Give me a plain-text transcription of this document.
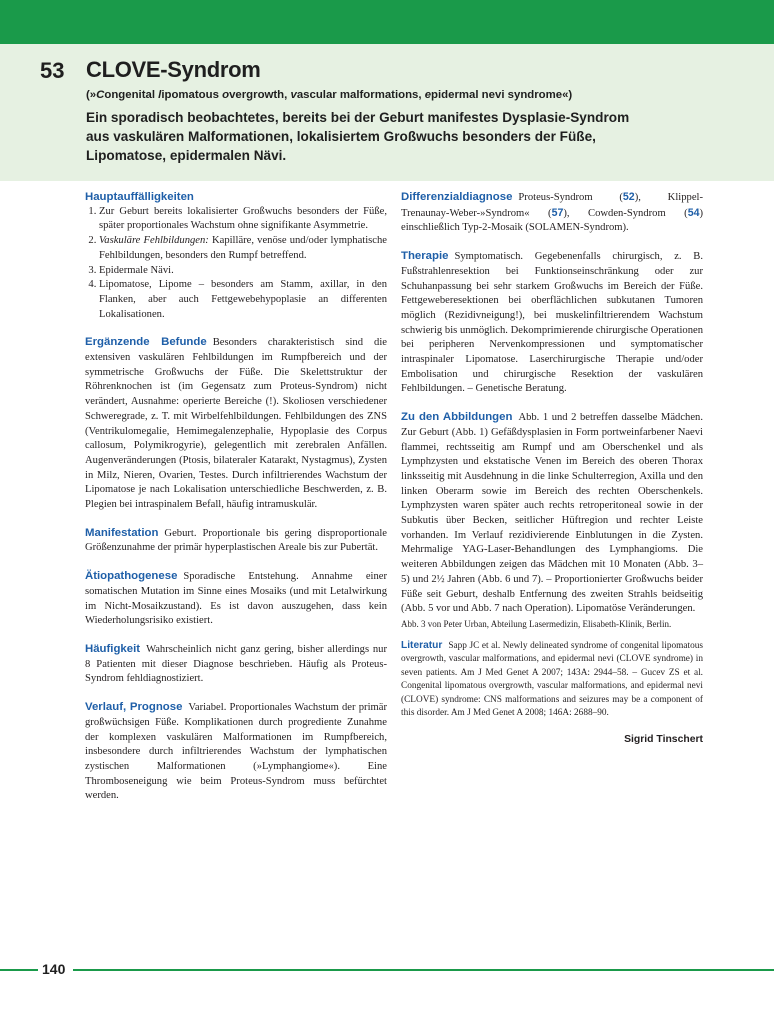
53 CLOVE-Syndrom
(»Congenital lipomatous overgrowth, vascular malformations, epidermal nevi syndrome«)
Ein sporadisch beobachtetes, bereits bei der Geburt manifestes Dysplasie-Syndrom aus vaskulären Malformationen, lokalisiertem Großwuchs besonders der Füße, Lipomatose, epidermalen Nävi.
Hauptauffälligkeiten
1. Zur Geburt bereits lokalisierter Großwuchs besonders der Füße, später proportionales Wachstum ohne signifikante Asymmetrie.
2. Vaskuläre Fehlbildungen: Kapilläre, venöse und/oder lymphatische Fehlbildungen, besonders den Rumpf betreffend.
3. Epidermale Nävi.
4. Lipomatose, Lipome – besonders am Stamm, axillar, in den Flanken, aber auch Fettgewebehypoplasie an differenten Lokalisationen.
Ergänzende Befunde Besonders charakteristisch sind die extensiven vaskulären Fehlbildungen im Rumpfbereich und der symmetrische Großwuchs der Füße. Die Skelettstruktur der Röhrenknochen ist (im Gegensatz zum Proteus-Syndrom) nicht verändert, Ausnahme: operierte Bereiche (!). Skoliosen verschiedener Schweregrade, z. T. mit Wirbelfehlbildungen. Fehlbildungen des ZNS (Ventrikulomegalie, Hemimegalenzephalie, Hypoplasie des Corpus callosum, Polymikrogyrie), gelegentlich mit zerebralen Anfällen. Augenveränderungen (Ptosis, bilateraler Katarakt, Nystagmus), Zysten in Milz, Nieren, Ovarien, Testes. Durch infiltrierendes Wachstum der Lipomatose je nach Lokalisation unterschiedliche Beschwerden, z. B. Plegien bei intraspinalem Befall, häufig intramuskulär.
Manifestation Geburt. Proportionale bis gering disproportionale Größenzunahme der primär hyperplastischen Areale bis zur Pubertät.
Ätiopathogenese Sporadische Entstehung. Annahme einer somatischen Mutation im Sinne eines Mosaiks (und mit Letalwirkung im Nicht-Mosaikzustand). Es ist davon auszugehen, dass kein Wiederholungsrisiko existiert.
Häufigkeit Wahrscheinlich nicht ganz gering, bisher allerdings nur 8 Patienten mit dieser Diagnose beschrieben. Häufig als Proteus-Syndrom fehldiagnostiziert.
Verlauf, Prognose Variabel. Proportionales Wachstum der primär großwüchsigen Füße. Komplikationen durch progrediente Zunahme der komplexen vaskulären Malformationen im Rumpfbereich, insbesondere durch infiltrierendes Wachstum der lymphatischen zystischen Malformationen (»Lymphangiome«). Eine Thromboseneigung wie beim Proteus-Syndrom muss befürchtet werden.
Differenzialdiagnose Proteus-Syndrom (52), Klippel-Trenaunay-Weber-»Syndrom« (57), Cowden-Syndrom (54) einschließlich Typ-2-Mosaik (SOLAMEN-Syndrom).
Therapie Symptomatisch. Gegebenenfalls chirurgisch, z. B. Fußstrahlenresektion bei Funktionseinschränkung oder zur Schuhanpassung bei sehr starkem Großwuchs im Bereich der Füße. Fettgeweberesektionen bei oberflächlichen subkutanen Tumoren möglich (Rezidivneigung!), bei muskelinfiltrierendem Wachstum schwierig bis unmöglich. Dekomprimierende chirurgische Operationen bei peripheren Nervenkompressionen und symptomatischer intraspinaler Lipomatose. Laserchirurgische Therapie und/oder Embolisation und chirurgische Resektion der vaskulären Fehlbildungen. – Genetische Beratung.
Zu den Abbildungen Abb. 1 und 2 betreffen dasselbe Mädchen. Zur Geburt (Abb. 1) Gefäßdysplasien in Form portweinfarbener Naevi flammei, rechtsseitig am Rumpf und am Oberschenkel und als Lymphzysten und ekstatische Venen im Bereich des oberen Thorax linksseitig mit Ausdehnung in die linke Schulterregion, Axilla und den linken Oberarm sowie im Bereich des rechten Oberschenkels. Lymphzysten waren später auch rechts retroperitoneal sowie in der Subkutis über Becken, seitlicher Hüftregion und rechter Leiste vorhanden. Im Verlauf rezidivierende Einblutungen in die Zysten. Mehrmalige YAG-Laser-Behandlungen des Lymphangioms. Die weiteren Abbildungen zeigen das Mädchen mit 10 Monaten (Abb. 3–5) und 2½ Jahren (Abb. 6 und 7). – Proportionierter Großwuchs beider Füße seit Geburt, deshalb Entfernung des zweiten Strahls beidseitig (Abb. 5 vor und Abb. 7 nach Operation). Lipomatöse Veränderungen.
Abb. 3 von Peter Urban, Abteilung Lasermedizin, Elisabeth-Klinik, Berlin.
Literatur Sapp JC et al. Newly delineated syndrome of congenital lipomatous overgrowth, vascular malformations, and epidermal nevi (CLOVE syndrome) in seven patients. Am J Med Genet A 2007; 143A: 2944–58. – Gucev ZS et al. Congenital lipomatous overgrowth, vascular malformations, and epidermal nevi (CLOVE) syndrome: CNS malformations and seizures may be a component of this disorder. Am J Med Genet A 2008; 146A: 2688–90.
Sigrid Tinschert
140
